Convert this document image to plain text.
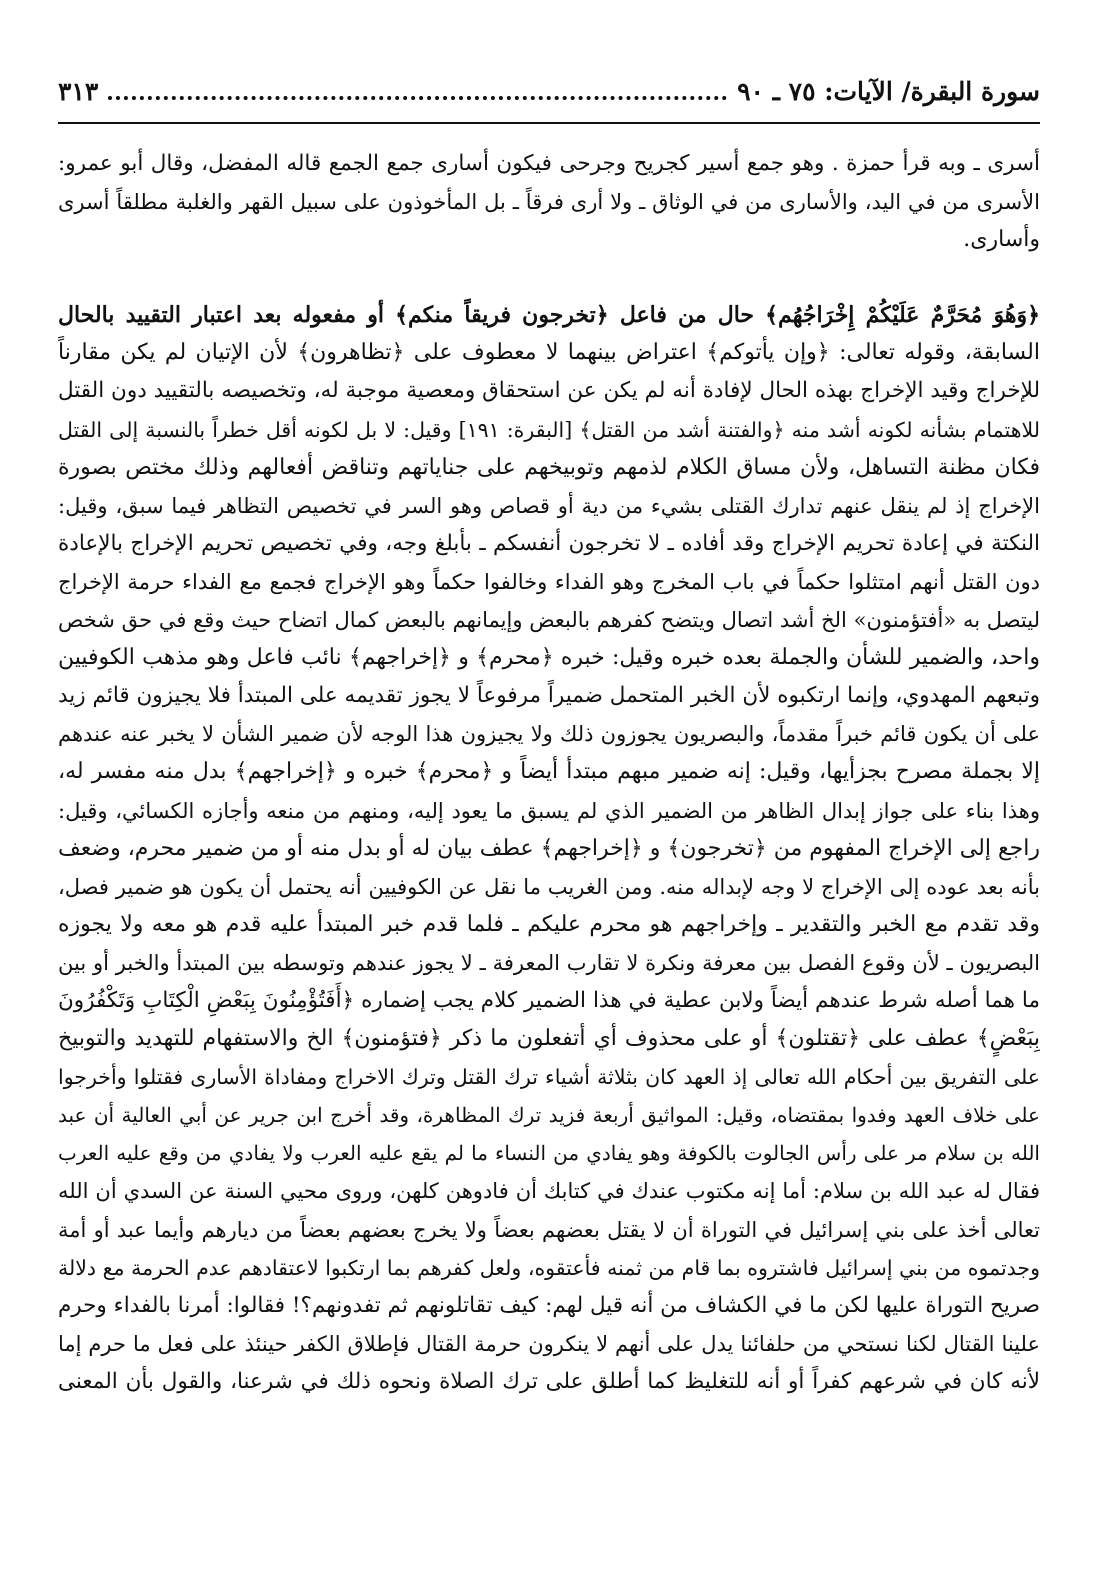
سورة البقرة/ الآيات: ٧٥ ـ ٩٠
٣١٣

أسرى ـ وبه قرأ حمزة . وهو جمع أسير كجريح وجرحى فيكون أسارى جمع الجمع قاله المفضل، وقال أبو عمرو:
الأسرى من في اليد، والأسارى من في الوثاق ـ ولا أرى فرقاً ـ بل المأخوذون على سبيل القهر والغلبة مطلقاً أسرى
وأسارى.

﴿وَهُوَ مُحَرَّمٌ عَلَيْكُمْ إِخْرَاجُهُم﴾ حال من فاعل ﴿تخرجون فريقاً منكم﴾ أو مفعوله بعد اعتبار التقييد بالحال
السابقة، وقوله تعالى: ﴿وإن يأتوكم﴾ اعتراض بينهما لا معطوف على ﴿تظاهرون﴾ لأن الإتيان لم يكن مقارناً
للإخراج وقيد الإخراج بهذه الحال لإفادة أنه لم يكن عن استحقاق ومعصية موجبة له، وتخصيصه بالتقييد دون القتل
للاهتمام بشأنه لكونه أشد منه ﴿والفتنة أشد من القتل﴾ [البقرة: ١٩١] وقيل: لا بل لكونه أقل خطراً بالنسبة إلى القتل
فكان مظنة التساهل، ولأن مساق الكلام لذمهم وتوبيخهم على جناياتهم وتناقض أفعالهم وذلك مختص بصورة
الإخراج إذ لم ينقل عنهم تدارك القتلى بشيء من دية أو قصاص وهو السر في تخصيص التظاهر فيما سبق، وقيل:
النكتة في إعادة تحريم الإخراج وقد أفاده ـ لا تخرجون أنفسكم ـ بأبلغ وجه، وفي تخصيص تحريم الإخراج بالإعادة
دون القتل أنهم امتثلوا حكماً في باب المخرج وهو الفداء وخالفوا حكماً وهو الإخراج فجمع مع الفداء حرمة الإخراج
ليتصل به «أفتؤمنون» الخ أشد اتصال ويتضح كفرهم بالبعض وإيمانهم بالبعض كمال اتضاح حيث وقع في حق شخص
واحد، والضمير للشأن والجملة بعده خبره وقيل: خبره ﴿محرم﴾ و ﴿إخراجهم﴾ نائب فاعل وهو مذهب الكوفيين
وتبعهم المهدوي، وإنما ارتكبوه لأن الخبر المتحمل ضميراً مرفوعاً لا يجوز تقديمه على المبتدأ فلا يجيزون قائم زيد
على أن يكون قائم خبراً مقدماً، والبصريون يجوزون ذلك ولا يجيزون هذا الوجه لأن ضمير الشأن لا يخبر عنه عندهم
إلا بجملة مصرح بجزأيها، وقيل: إنه ضمير مبهم مبتدأ أيضاً و ﴿محرم﴾ خبره و ﴿إخراجهم﴾ بدل منه مفسر له،
وهذا بناء على جواز إبدال الظاهر من الضمير الذي لم يسبق ما يعود إليه، ومنهم من منعه وأجازه الكسائي، وقيل:
راجع إلى الإخراج المفهوم من ﴿تخرجون﴾ و ﴿إخراجهم﴾ عطف بيان له أو بدل منه أو من ضمير محرم، وضعف
بأنه بعد عوده إلى الإخراج لا وجه لإبداله منه. ومن الغريب ما نقل عن الكوفيين أنه يحتمل أن يكون هو ضمير فصل،
وقد تقدم مع الخبر والتقدير ـ وإخراجهم هو محرم عليكم ـ فلما قدم خبر المبتدأ عليه قدم هو معه ولا يجوزه
البصريون ـ لأن وقوع الفصل بين معرفة ونكرة لا تقارب المعرفة ـ لا يجوز عندهم وتوسطه بين المبتدأ والخبر أو بين
ما هما أصله شرط عندهم أيضاً ولابن عطية في هذا الضمير كلام يجب إضماره ﴿أَفَتُؤْمِنُونَ بِبَعْضِ الْكِتَابِ وَتَكْفُرُونَ
بِبَعْضٍ﴾ عطف على ﴿تقتلون﴾ أو على محذوف أي أتفعلون ما ذكر ﴿فتؤمنون﴾ الخ والاستفهام للتهديد والتوبيخ
على التفريق بين أحكام الله تعالى إذ العهد كان بثلاثة أشياء ترك القتل وترك الاخراج ومفاداة الأسارى فقتلوا وأخرجوا
على خلاف العهد وفدوا بمقتضاه، وقيل: المواثيق أربعة فزيد ترك المظاهرة، وقد أخرج ابن جرير عن أبي العالية أن عبد
الله بن سلام مر على رأس الجالوت بالكوفة وهو يفادي من النساء ما لم يقع عليه العرب ولا يفادي من وقع عليه العرب
فقال له عبد الله بن سلام: أما إنه مكتوب عندك في كتابك أن فادوهن كلهن، وروى محيي السنة عن السدي أن الله
تعالى أخذ على بني إسرائيل في التوراة أن لا يقتل بعضهم بعضاً ولا يخرج بعضهم بعضاً من ديارهم وأيما عبد أو أمة
وجدتموه من بني إسرائيل فاشتروه بما قام من ثمنه فأعتقوه، ولعل كفرهم بما ارتكبوا لاعتقادهم عدم الحرمة مع دلالة
صريح التوراة عليها لكن ما في الكشاف من أنه قيل لهم: كيف تقاتلونهم ثم تفدونهم؟! فقالوا: أمرنا بالفداء وحرم
علينا القتال لكنا نستحي من حلفائنا يدل على أنهم لا ينكرون حرمة القتال فإطلاق الكفر حينئذ على فعل ما حرم إما
لأنه كان في شرعهم كفراً أو أنه للتغليظ كما أطلق على ترك الصلاة ونحوه ذلك في شرعنا، والقول بأن المعنى
